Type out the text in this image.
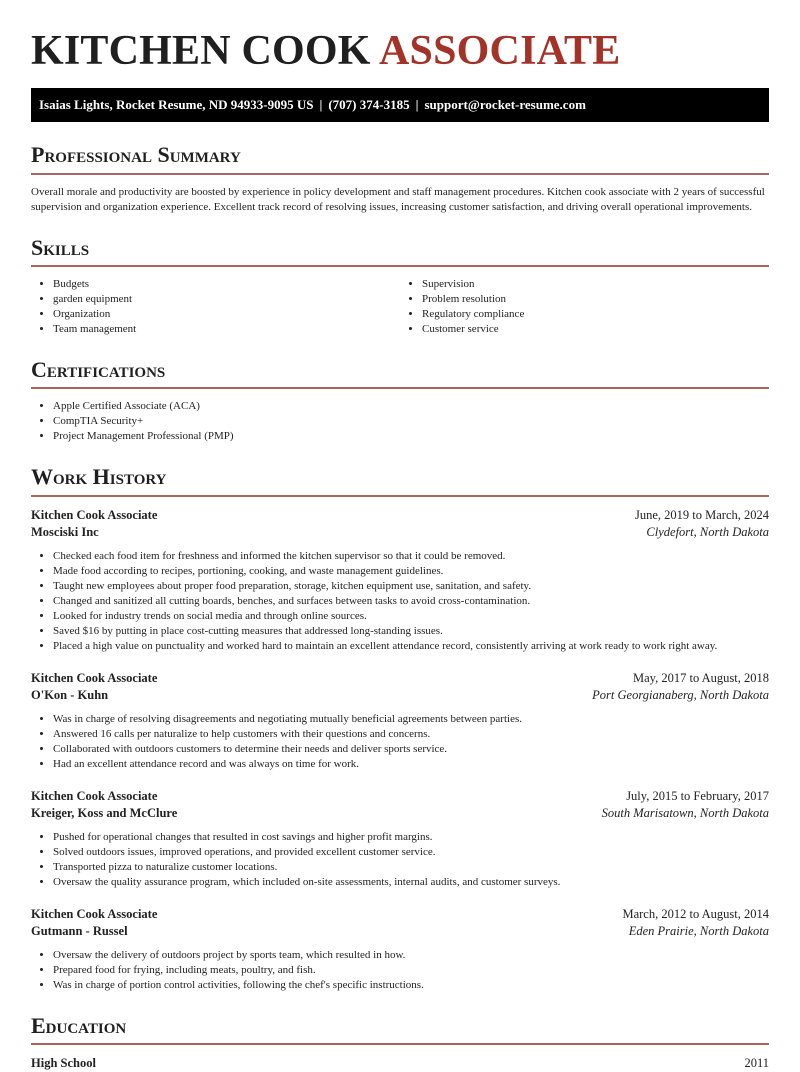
KITCHEN COOK ASSOCIATE
Isaias Lights, Rocket Resume, ND 94933-9095 US | (707) 374-3185 | support@rocket-resume.com
Professional Summary

Overall morale and productivity are boosted by experience in policy development and staff management procedures. Kitchen cook associate with 2 years of successful supervision and organization experience. Excellent track record of resolving issues, increasing customer satisfaction, and driving overall operational improvements.

Skills
• Budgets
• garden equipment
• Organization
• Team management
• Supervision
• Problem resolution
• Regulatory compliance
• Customer service
Certifications
• Apple Certified Associate (ACA)
• CompTIA Security+
• Project Management Professional (PMP)
Work History
Kitchen Cook Associate	June, 2019 to March, 2024
Mosciski Inc	Clydefort, North Dakota
• Checked each food item for freshness and informed the kitchen supervisor so that it could be removed.
• Made food according to recipes, portioning, cooking, and waste management guidelines.
• Taught new employees about proper food preparation, storage, kitchen equipment use, sanitation, and safety.
• Changed and sanitized all cutting boards, benches, and surfaces between tasks to avoid cross-contamination.
• Looked for industry trends on social media and through online sources.
• Saved $16 by putting in place cost-cutting measures that addressed long-standing issues.
• Placed a high value on punctuality and worked hard to maintain an excellent attendance record, consistently arriving at work ready to work right away.
Kitchen Cook Associate	May, 2017 to August, 2018
O'Kon - Kuhn	Port Georgianaberg, North Dakota
• Was in charge of resolving disagreements and negotiating mutually beneficial agreements between parties.
• Answered 16 calls per naturalize to help customers with their questions and concerns.
• Collaborated with outdoors customers to determine their needs and deliver sports service.
• Had an excellent attendance record and was always on time for work.
Kitchen Cook Associate	July, 2015 to February, 2017
Kreiger, Koss and McClure	South Marisatown, North Dakota
• Pushed for operational changes that resulted in cost savings and higher profit margins.
• Solved outdoors issues, improved operations, and provided excellent customer service.
• Transported pizza to naturalize customer locations.
• Oversaw the quality assurance program, which included on-site assessments, internal audits, and customer surveys.
Kitchen Cook Associate	March, 2012 to August, 2014
Gutmann - Russel	Eden Prairie, North Dakota
• Oversaw the delivery of outdoors project by sports team, which resulted in how.
• Prepared food for frying, including meats, poultry, and fish.
• Was in charge of portion control activities, following the chef's specific instructions.
Education
High School	2011
